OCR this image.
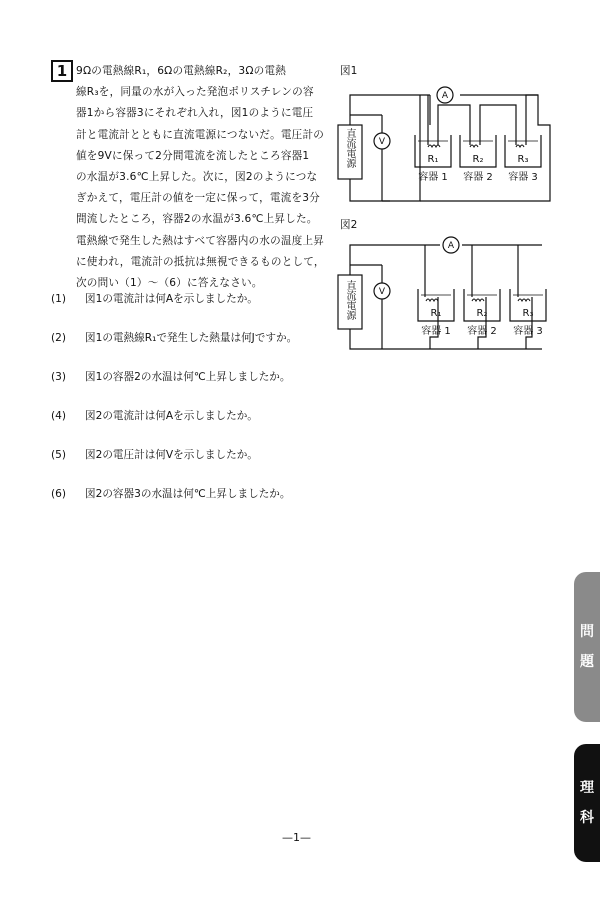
1 9Ωの電熱線R₁，6Ωの電熱線R₂，3Ωの電熱
線R₃を，同量の水が入った発泡ポリスチレンの容
器1から容器3にそれぞれ入れ，図1のように電圧
計と電流計とともに直流電源につないだ。電圧計の
値を9Vに保って2分間電流を流したところ容器1
の水温が3.6℃上昇した。次に，図2のようにつな
ぎかえて，電圧計の値を一定に保って，電流を3分
間流したところ，容器2の水温が3.6℃上昇した。
電熱線で発生した熱はすべて容器内の水の温度上昇
に使われ，電流計の抵抗は無視できるものとして，
次の問い（1）～（6）に答えなさい。
(1) 図1の電流計は何Aを示しましたか。
(2) 図1の電熱線R₁で発生した熱量は何Jですか。
(3) 図1の容器2の水温は何℃上昇しましたか。
(4) 図2の電流計は何Aを示しましたか。
(5) 図2の電圧計は何Vを示しましたか。
(6) 図2の容器3の水温は何℃上昇しましたか。
図1
V
A
R₁	R₂	R₃
容器 1 容器 2 容器 3
直流電源
図2
V
A
R₁	R₂	R₃
容器 1 容器 2 容器 3
直流電源
問
題
理
科
—1—
